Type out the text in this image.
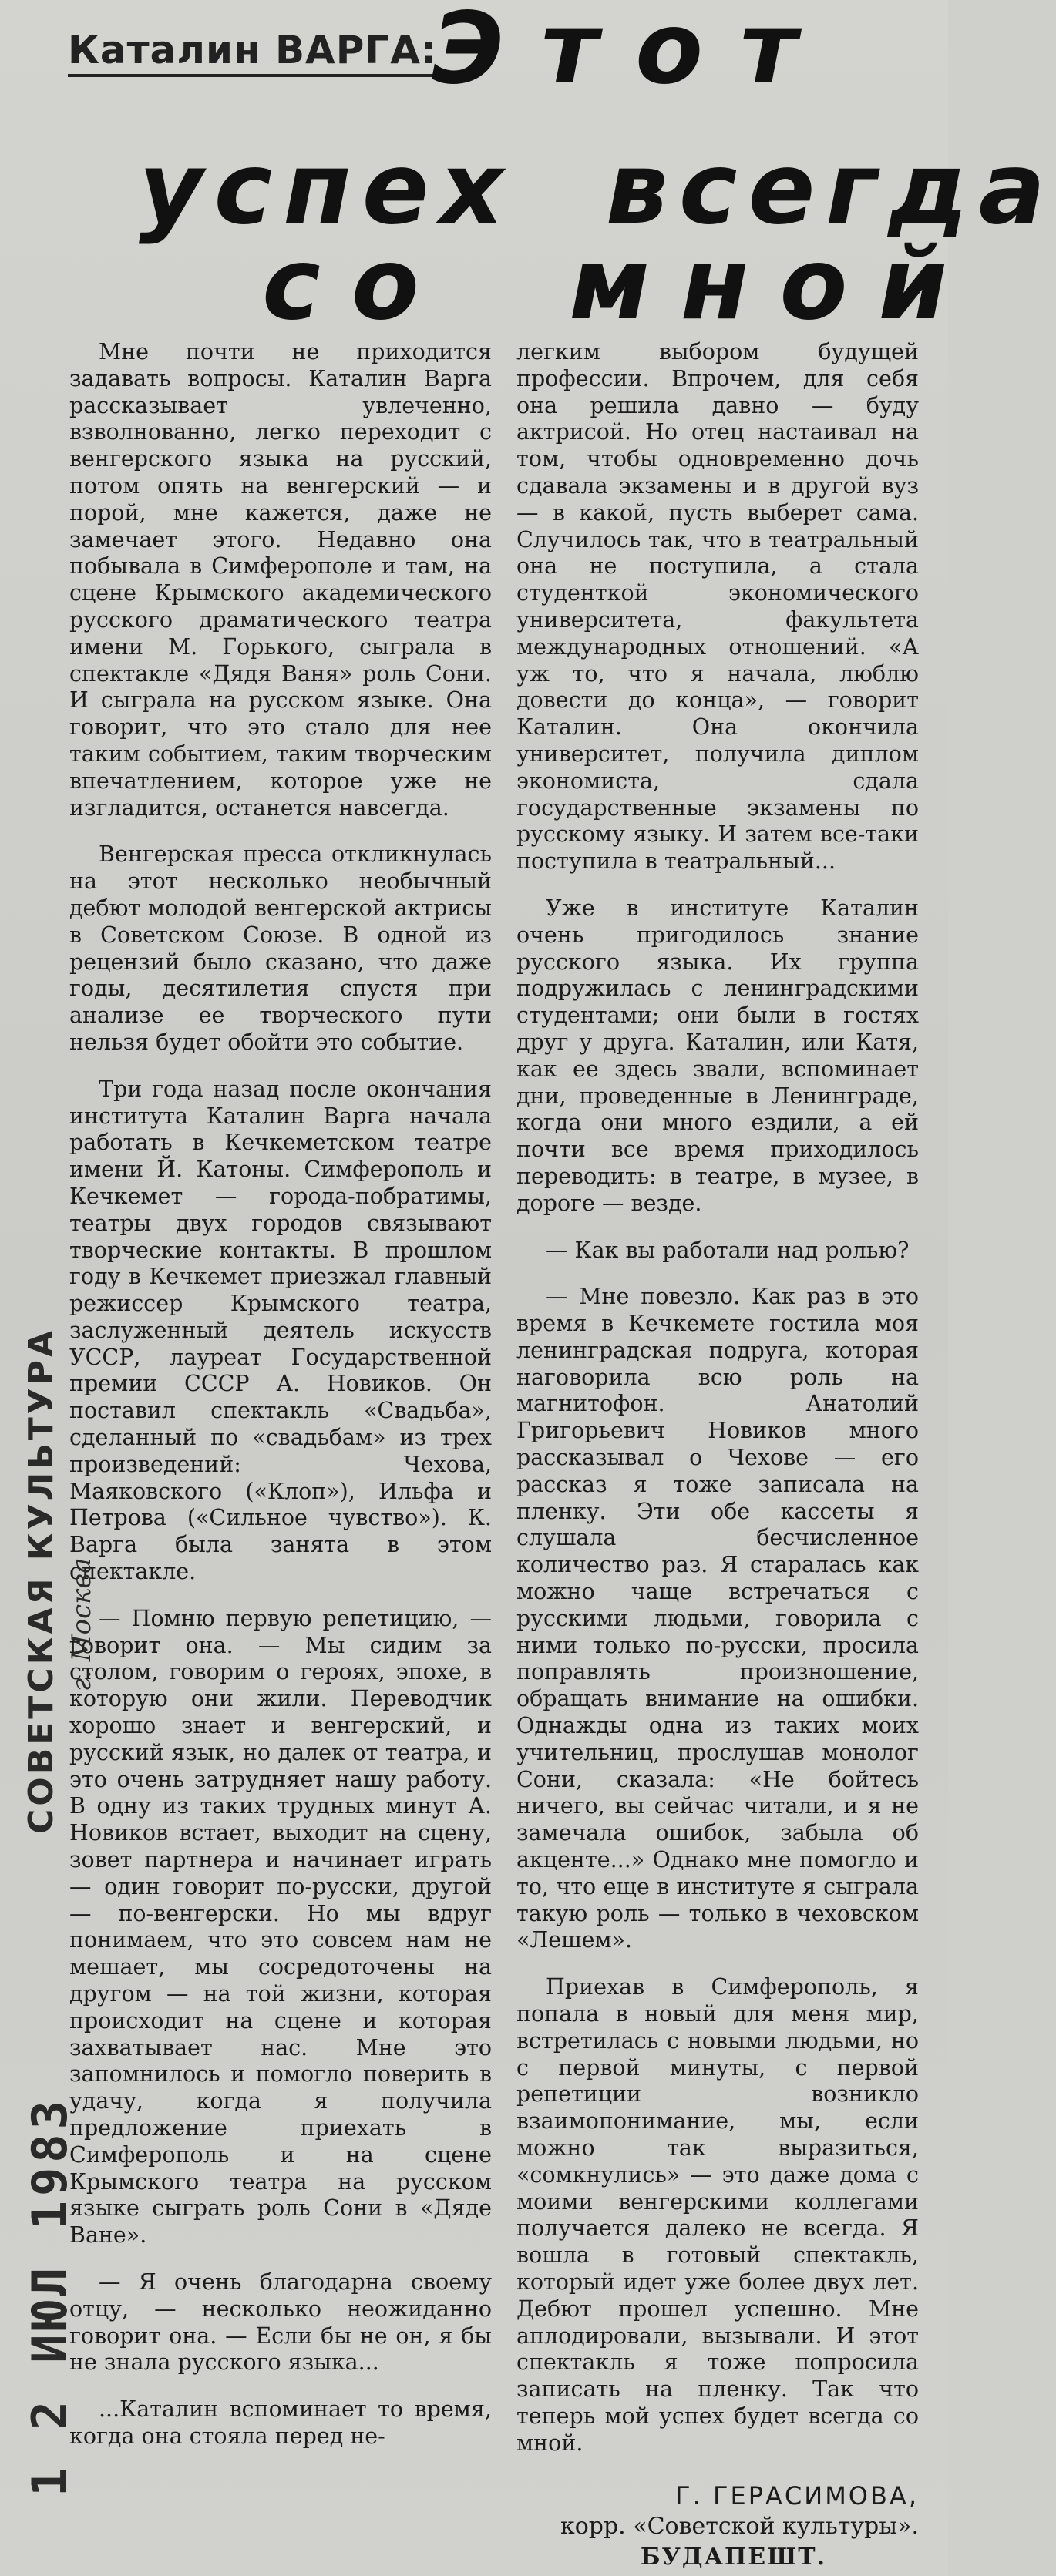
Каталин ВАРГА:
Этот
успех всегда
со мной

Мне почти не приходится задавать вопросы. Каталин Варга рассказывает увлеченно, взволнованно, легко переходит с венгерского языка на русский, потом опять на венгерский — и порой, мне кажется, даже не замечает этого. Недавно она побывала в Симферополе и там, на сцене Крымского академического русского драматического театра имени М. Горького, сыграла в спектакле «Дядя Ваня» роль Сони. И сыграла на русском языке. Она говорит, что это стало для нее таким событием, таким творческим впечатлением, которое уже не изгладится, останется навсегда.

Венгерская пресса откликнулась на этот несколько необычный дебют молодой венгерской актрисы в Советском Союзе. В одной из рецензий было сказано, что даже годы, десятилетия спустя при анализе ее творческого пути нельзя будет обойти это событие.

Три года назад после окончания института Каталин Варга начала работать в Кечкеметском театре имени Й. Катоны. Симферополь и Кечкемет — города-побратимы, театры двух городов связывают творческие контакты. В прошлом году в Кечкемет приезжал главный режиссер Крымского театра, заслуженный деятель искусств УССР, лауреат Государственной премии СССР А. Новиков. Он поставил спектакль «Свадьба», сделанный по «свадьбам» из трех произведений: Чехова, Маяковского («Клоп»), Ильфа и Петрова («Сильное чувство»). К. Варга была занята в этом спектакле.

— Помню первую репетицию, — говорит она. — Мы сидим за столом, говорим о героях, эпохе, в которую они жили. Переводчик хорошо знает и венгерский, и русский язык, но далек от театра, и это очень затрудняет нашу работу. В одну из таких трудных минут А. Новиков встает, выходит на сцену, зовет партнера и начинает играть — один говорит по-русски, другой — по-венгерски. Но мы вдруг понимаем, что это совсем нам не мешает, мы сосредоточены на другом — на той жизни, которая происходит на сцене и которая захватывает нас. Мне это запомнилось и помогло поверить в удачу, когда я получила предложение приехать в Симферополь и на сцене Крымского театра на русском языке сыграть роль Сони в «Дяде Ване».

— Я очень благодарна своему отцу, — несколько неожиданно говорит она. — Если бы не он, я бы не знала русского языка...

...Каталин вспоминает то время, когда она стояла перед не-

легким выбором будущей профессии. Впрочем, для себя она решила давно — буду актрисой. Но отец настаивал на том, чтобы одновременно дочь сдавала экзамены и в другой вуз — в какой, пусть выберет сама. Случилось так, что в театральный она не поступила, а стала студенткой экономического университета, факультета международных отношений. «А уж то, что я начала, люблю довести до конца», — говорит Каталин. Она окончила университет, получила диплом экономиста, сдала государственные экзамены по русскому языку. И затем все-таки поступила в театральный...

Уже в институте Каталин очень пригодилось знание русского языка. Их группа подружилась с ленинградскими студентами; они были в гостях друг у друга. Каталин, или Катя, как ее здесь звали, вспоминает дни, проведенные в Ленинграде, когда они много ездили, а ей почти все время приходилось переводить: в театре, в музее, в дороге — везде.

— Как вы работали над ролью?

— Мне повезло. Как раз в это время в Кечкемете гостила моя ленинградская подруга, которая наговорила всю роль на магнитофон. Анатолий Григорьевич Новиков много рассказывал о Чехове — его рассказ я тоже записала на пленку. Эти обе кассеты я слушала бесчисленное количество раз. Я старалась как можно чаще встречаться с русскими людьми, говорила с ними только по-русски, просила поправлять произношение, обращать внимание на ошибки. Однажды одна из таких моих учительниц, прослушав монолог Сони, сказала: «Не бойтесь ничего, вы сейчас читали, и я не замечала ошибок, забыла об акценте...» Однако мне помогло и то, что еще в институте я сыграла такую роль — только в чеховском «Лешем».

Приехав в Симферополь, я попала в новый для меня мир, встретилась с новыми людьми, но с первой минуты, с первой репетиции возникло взаимопонимание, мы, если можно так выразиться, «сомкнулись» — это даже дома с моими венгерскими коллегами получается далеко не всегда. Я вошла в готовый спектакль, который идет уже более двух лет. Дебют прошел успешно. Мне аплодировали, вызывали. И этот спектакль я тоже попросила записать на пленку. Так что теперь мой успех будет всегда со мной.

Г. ГЕРАСИМОВА,
корр. «Советской культуры».
БУДАПЕШТ.
1 2 ИЮЛ 1983
СОВЕТСКАЯ КУЛЬТУРА г. Москва
